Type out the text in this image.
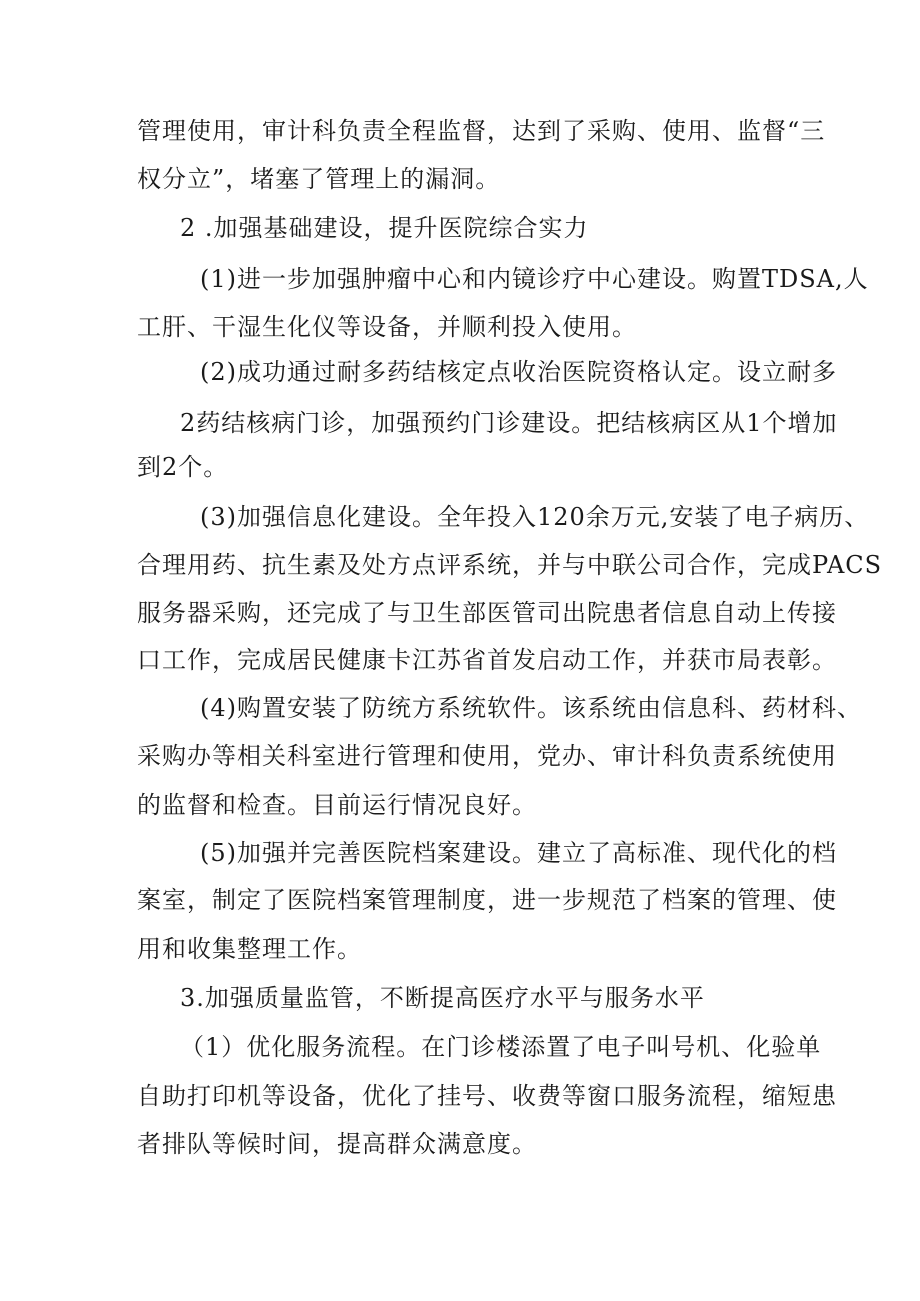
管理使用，审计科负责全程监督，达到了采购、使用、监督“三
权分立”，堵塞了管理上的漏洞。
2 .加强基础建设，提升医院综合实力
(1)进一步加强肿瘤中心和内镜诊疗中心建设。购置TDSA,人
工肝、干湿生化仪等设备，并顺利投入使用。
(2)成功通过耐多药结核定点收治医院资格认定。设立耐多
2药结核病门诊，加强预约门诊建设。把结核病区从1个增加
到2个。
(3)加强信息化建设。全年投入120余万元,安装了电子病历、
合理用药、抗生素及处方点评系统，并与中联公司合作，完成PACS
服务器采购，还完成了与卫生部医管司出院患者信息自动上传接
口工作，完成居民健康卡江苏省首发启动工作，并获市局表彰。
(4)购置安装了防统方系统软件。该系统由信息科、药材科、
采购办等相关科室进行管理和使用，党办、审计科负责系统使用
的监督和检查。目前运行情况良好。
(5)加强并完善医院档案建设。建立了高标准、现代化的档
案室，制定了医院档案管理制度，进一步规范了档案的管理、使
用和收集整理工作。
3.加强质量监管，不断提高医疗水平与服务水平
（1）优化服务流程。在门诊楼添置了电子叫号机、化验单
自助打印机等设备，优化了挂号、收费等窗口服务流程，缩短患
者排队等候时间，提高群众满意度。
